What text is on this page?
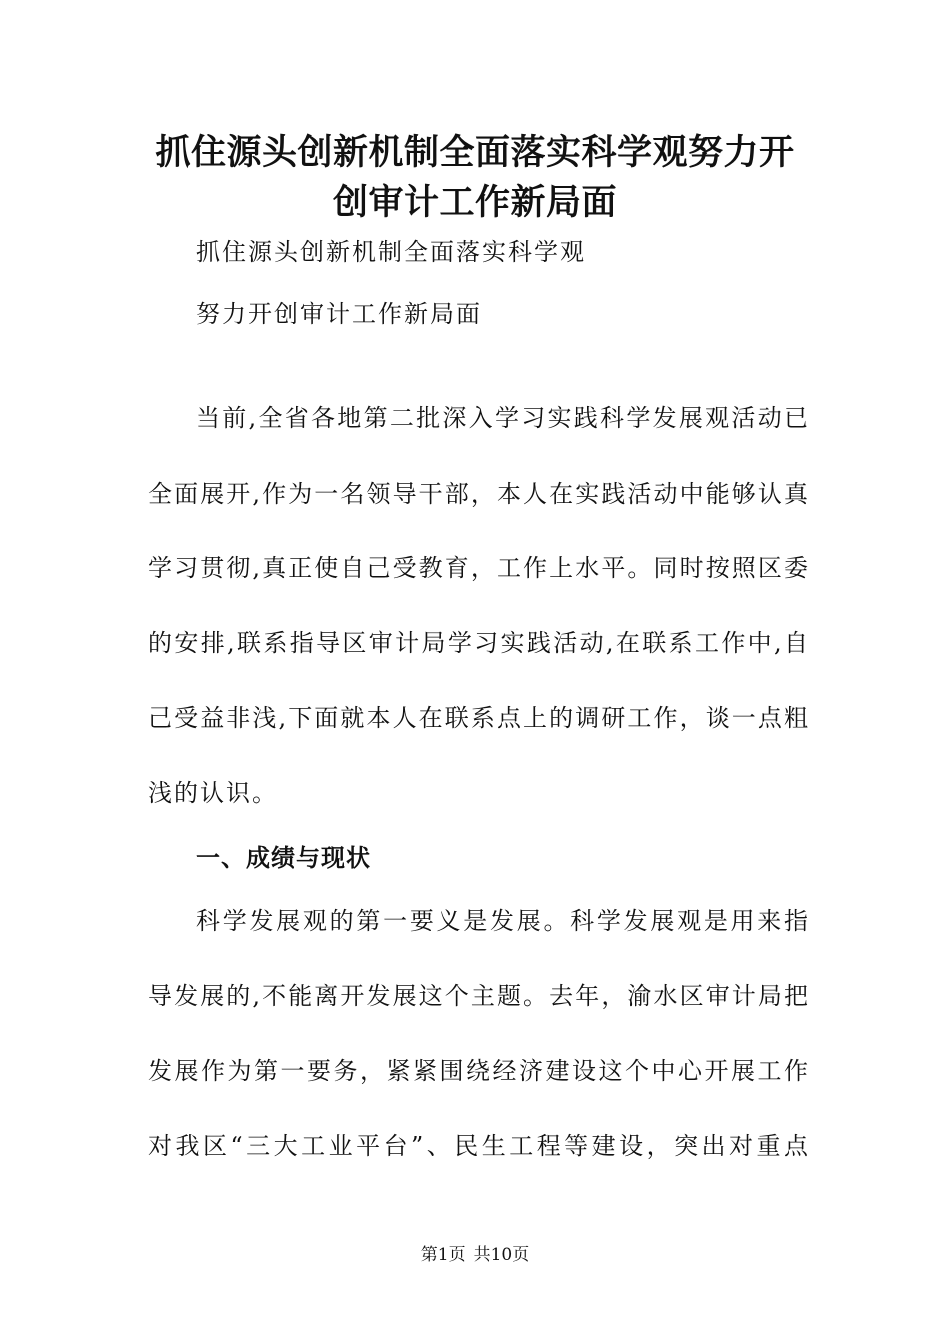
抓住源头创新机制全面落实科学观努力开
创审计工作新局面
抓住源头创新机制全面落实科学观
努力开创审计工作新局面
当前,全省各地第二批深入学习实践科学发展观活动已
全面展开,作为一名领导干部，本人在实践活动中能够认真
学习贯彻,真正使自己受教育，工作上水平。同时按照区委
的安排,联系指导区审计局学习实践活动,在联系工作中,自
己受益非浅,下面就本人在联系点上的调研工作，谈一点粗
浅的认识。
一、成绩与现状
科学发展观的第一要义是发展。科学发展观是用来指
导发展的,不能离开发展这个主题。去年，渝水区审计局把
发展作为第一要务，紧紧围绕经济建设这个中心开展工作
对我区“三大工业平台”、民生工程等建设，突出对重点
第1页 共10页
